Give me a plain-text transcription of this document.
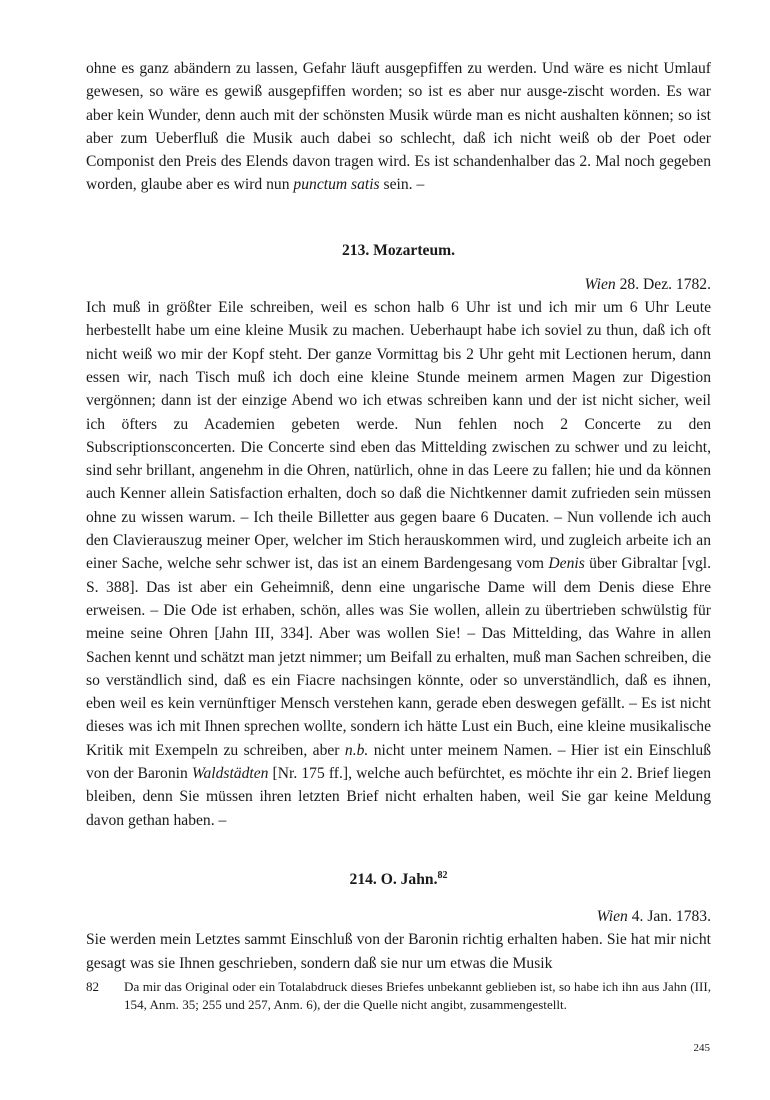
ohne es ganz abändern zu lassen, Gefahr läuft ausgepfiffen zu werden. Und wäre es nicht Umlauf gewesen, so wäre es gewiß ausgepfiffen worden; so ist es aber nur ausge-zischt worden. Es war aber kein Wunder, denn auch mit der schönsten Musik würde man es nicht aushalten können; so ist aber zum Ueberfluß die Musik auch dabei so schlecht, daß ich nicht weiß ob der Poet oder Componist den Preis des Elends davon tragen wird. Es ist schandenhalber das 2. Mal noch gegeben worden, glaube aber es wird nun punctum satis sein. –

213. Mozarteum.

Wien 28. Dez. 1782.

Ich muß in größter Eile schreiben, weil es schon halb 6 Uhr ist und ich mir um 6 Uhr Leute herbestellt habe um eine kleine Musik zu machen. Ueberhaupt habe ich soviel zu thun, daß ich oft nicht weiß wo mir der Kopf steht. Der ganze Vormittag bis 2 Uhr geht mit Lectionen herum, dann essen wir, nach Tisch muß ich doch eine kleine Stunde meinem armen Magen zur Digestion vergönnen; dann ist der einzige Abend wo ich etwas schreiben kann und der ist nicht sicher, weil ich öfters zu Academien gebeten werde. Nun fehlen noch 2 Concerte zu den Subscriptionsconcerten. Die Concerte sind eben das Mittelding zwischen zu schwer und zu leicht, sind sehr brillant, angenehm in die Ohren, natürlich, ohne in das Leere zu fallen; hie und da können auch Kenner allein Satisfaction erhalten, doch so daß die Nichtkenner damit zufrieden sein müssen ohne zu wissen warum. – Ich theile Billetter aus gegen baare 6 Ducaten. – Nun vollende ich auch den Clavierauszug meiner Oper, welcher im Stich herauskommen wird, und zugleich arbeite ich an einer Sache, welche sehr schwer ist, das ist an einem Bardengesang vom Denis über Gibraltar [vgl. S. 388]. Das ist aber ein Geheimniß, denn eine ungarische Dame will dem Denis diese Ehre erweisen. – Die Ode ist erhaben, schön, alles was Sie wollen, allein zu übertrieben schwülstig für meine seine Ohren [Jahn III, 334]. Aber was wollen Sie! – Das Mittelding, das Wahre in allen Sachen kennt und schätzt man jetzt nimmer; um Beifall zu erhalten, muß man Sachen schreiben, die so verständlich sind, daß es ein Fiacre nachsingen könnte, oder so unverständlich, daß es ihnen, eben weil es kein vernünftiger Mensch verstehen kann, gerade eben deswegen gefällt. – Es ist nicht dieses was ich mit Ihnen sprechen wollte, sondern ich hätte Lust ein Buch, eine kleine musikalische Kritik mit Exempeln zu schreiben, aber n.b. nicht unter meinem Namen. – Hier ist ein Einschluß von der Baronin Waldstädten [Nr. 175 ff.], welche auch befürchtet, es möchte ihr ein 2. Brief liegen bleiben, denn Sie müssen ihren letzten Brief nicht erhalten haben, weil Sie gar keine Meldung davon gethan haben. –

214. O. Jahn.$^{82}$

Wien 4. Jan. 1783.

Sie werden mein Letztes sammt Einschluß von der Baronin richtig erhalten haben. Sie hat mir nicht gesagt was sie Ihnen geschrieben, sondern daß sie nur um etwas die Musik

82	Da mir das Original oder ein Totalabdruck dieses Briefes unbekannt geblieben ist, so habe ich ihn aus Jahn (III, 154, Anm. 35; 255 und 257, Anm. 6), der die Quelle nicht angibt, zusammengestellt.
245
